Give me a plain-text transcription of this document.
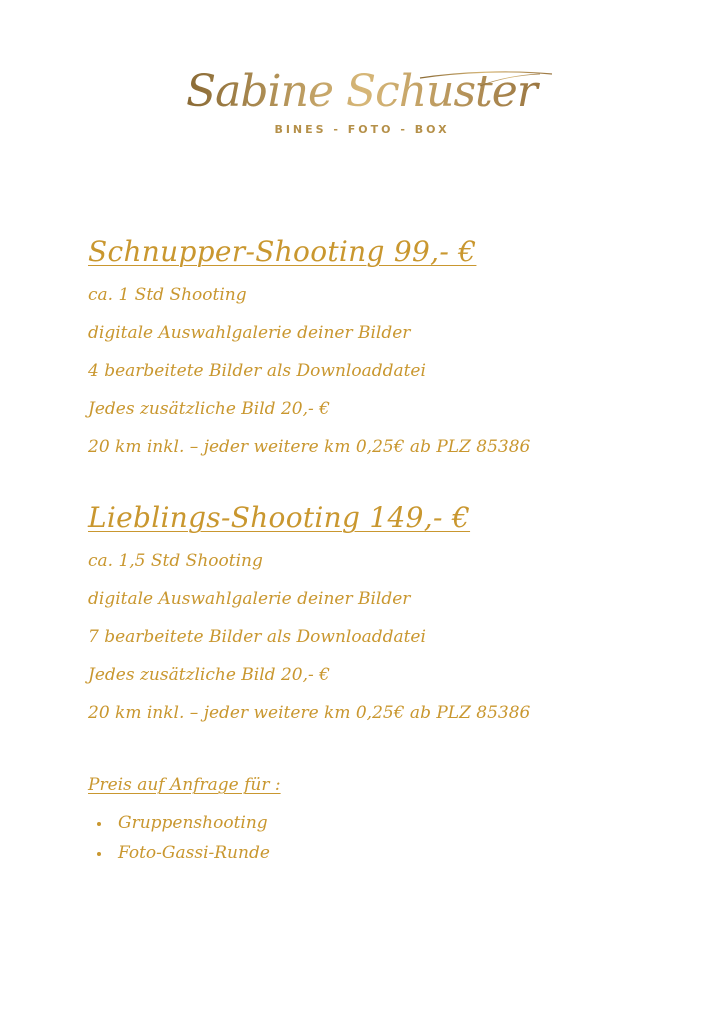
Sabine Schuster
BINES - FOTO - BOX
Schnupper-Shooting 99,- €
ca. 1 Std Shooting
digitale Auswahlgalerie deiner Bilder
4 bearbeitete Bilder als Downloaddatei
Jedes zusätzliche Bild 20,- €
20 km inkl. – jeder weitere km 0,25€ ab PLZ 85386
Lieblings-Shooting 149,- €
ca. 1,5 Std Shooting
digitale Auswahlgalerie deiner Bilder
7 bearbeitete Bilder als Downloaddatei
Jedes zusätzliche Bild 20,- €
20 km inkl. – jeder weitere km 0,25€ ab PLZ 85386
Preis auf Anfrage für :
• Gruppenshooting
• Foto-Gassi-Runde
